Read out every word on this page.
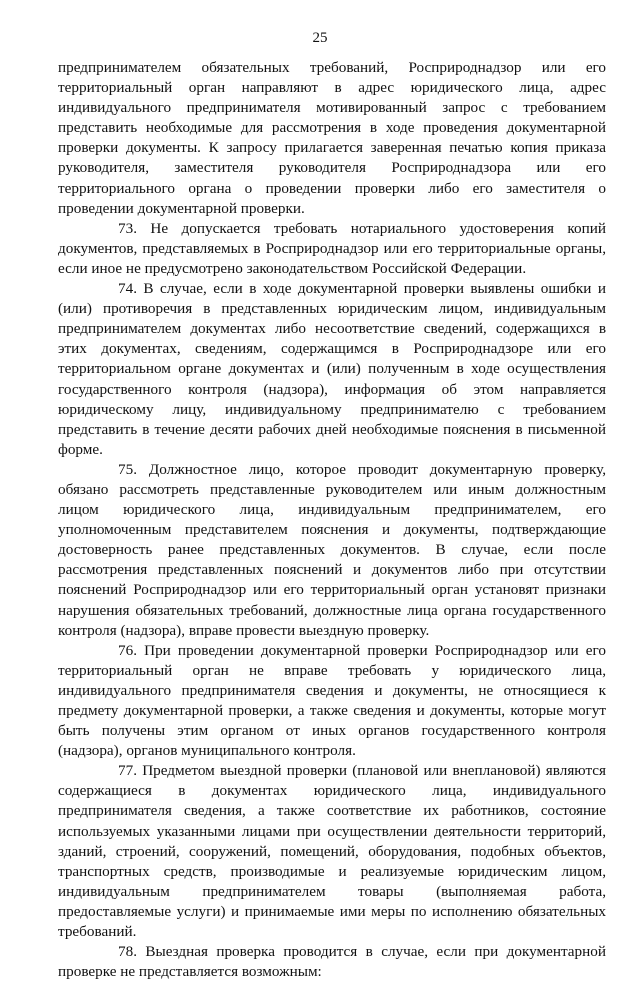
25

предпринимателем обязательных требований, Росприроднадзор или его территориальный орган направляют в адрес юридического лица, адрес индивидуального предпринимателя мотивированный запрос с требованием представить необходимые для рассмотрения в ходе проведения документарной проверки документы. К запросу прилагается заверенная печатью копия приказа руководителя, заместителя руководителя Росприроднадзора или его территориального органа о проведении проверки либо его заместителя о проведении документарной проверки.

73. Не допускается требовать нотариального удостоверения копий документов, представляемых в Росприроднадзор или его территориальные органы, если иное не предусмотрено законодательством Российской Федерации.

74. В случае, если в ходе документарной проверки выявлены ошибки и (или) противоречия в представленных юридическим лицом, индивидуальным предпринимателем документах либо несоответствие сведений, содержащихся в этих документах, сведениям, содержащимся в Росприроднадзоре или его территориальном органе документах и (или) полученным в ходе осуществления государственного контроля (надзора), информация об этом направляется юридическому лицу, индивидуальному предпринимателю с требованием представить в течение десяти рабочих дней необходимые пояснения в письменной форме.

75. Должностное лицо, которое проводит документарную проверку, обязано рассмотреть представленные руководителем или иным должностным лицом юридического лица, индивидуальным предпринимателем, его уполномоченным представителем пояснения и документы, подтверждающие достоверность ранее представленных документов. В случае, если после рассмотрения представленных пояснений и документов либо при отсутствии пояснений Росприроднадзор или его территориальный орган установят признаки нарушения обязательных требований, должностные лица органа государственного контроля (надзора), вправе провести выездную проверку.

76. При проведении документарной проверки Росприроднадзор или его территориальный орган не вправе требовать у юридического лица, индивидуального предпринимателя сведения и документы, не относящиеся к предмету документарной проверки, а также сведения и документы, которые могут быть получены этим органом от иных органов государственного контроля (надзора), органов муниципального контроля.

77. Предметом выездной проверки (плановой или внеплановой) являются содержащиеся в документах юридического лица, индивидуального предпринимателя сведения, а также соответствие их работников, состояние используемых указанными лицами при осуществлении деятельности территорий, зданий, строений, сооружений, помещений, оборудования, подобных объектов, транспортных средств, производимые и реализуемые юридическим лицом, индивидуальным предпринимателем товары (выполняемая работа, предоставляемые услуги) и принимаемые ими меры по исполнению обязательных требований.

78. Выездная проверка проводится в случае, если при документарной проверке не представляется возможным:
